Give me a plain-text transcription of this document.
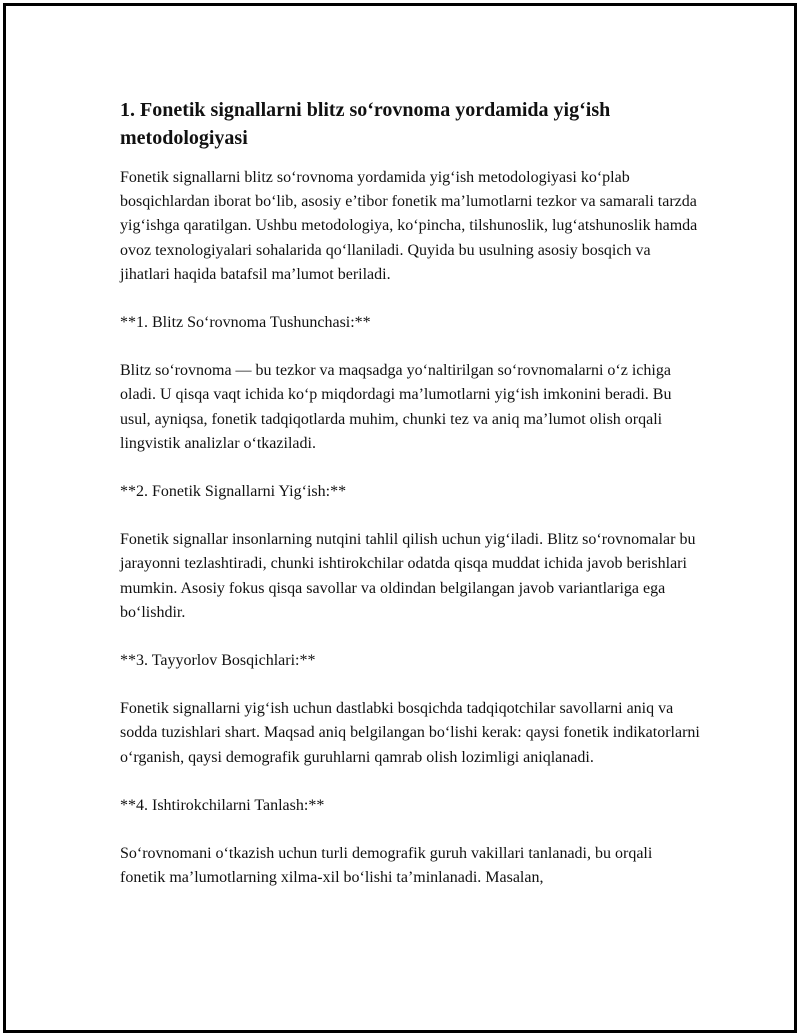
1. Fonetik signallarni blitz so‘rovnoma yordamida yig‘ish metodologiyasi

Fonetik signallarni blitz so‘rovnoma yordamida yig‘ish metodologiyasi ko‘plab bosqichlardan iborat bo‘lib, asosiy e’tibor fonetik ma’lumotlarni tezkor va samarali tarzda yig‘ishga qaratilgan. Ushbu metodologiya, ko‘pincha, tilshunoslik, lug‘atshunoslik hamda ovoz texnologiyalari sohalarida qo‘llaniladi. Quyida bu usulning asosiy bosqich va jihatlari haqida batafsil ma’lumot beriladi.

**1. Blitz So‘rovnoma Tushunchasi:**

Blitz so‘rovnoma — bu tezkor va maqsadga yo‘naltirilgan so‘rovnomalarni o‘z ichiga oladi. U qisqa vaqt ichida ko‘p miqdordagi ma’lumotlarni yig‘ish imkonini beradi. Bu usul, ayniqsa, fonetik tadqiqotlarda muhim, chunki tez va aniq ma’lumot olish orqali lingvistik analizlar o‘tkaziladi.

**2. Fonetik Signallarni Yig‘ish:**

Fonetik signallar insonlarning nutqini tahlil qilish uchun yig‘iladi. Blitz so‘rovnomalar bu jarayonni tezlashtiradi, chunki ishtirokchilar odatda qisqa muddat ichida javob berishlari mumkin. Asosiy fokus qisqa savollar va oldindan belgilangan javob variantlariga ega bo‘lishdir.

**3. Tayyorlov Bosqichlari:**

Fonetik signallarni yig‘ish uchun dastlabki bosqichda tadqiqotchilar savollarni aniq va sodda tuzishlari shart. Maqsad aniq belgilangan bo‘lishi kerak: qaysi fonetik indikatorlarni o‘rganish, qaysi demografik guruhlarni qamrab olish lozimligi aniqlanadi.

**4. Ishtirokchilarni Tanlash:**

So‘rovnomani o‘tkazish uchun turli demografik guruh vakillari tanlanadi, bu orqali fonetik ma’lumotlarning xilma-xil bo‘lishi ta’minlanadi. Masalan,
